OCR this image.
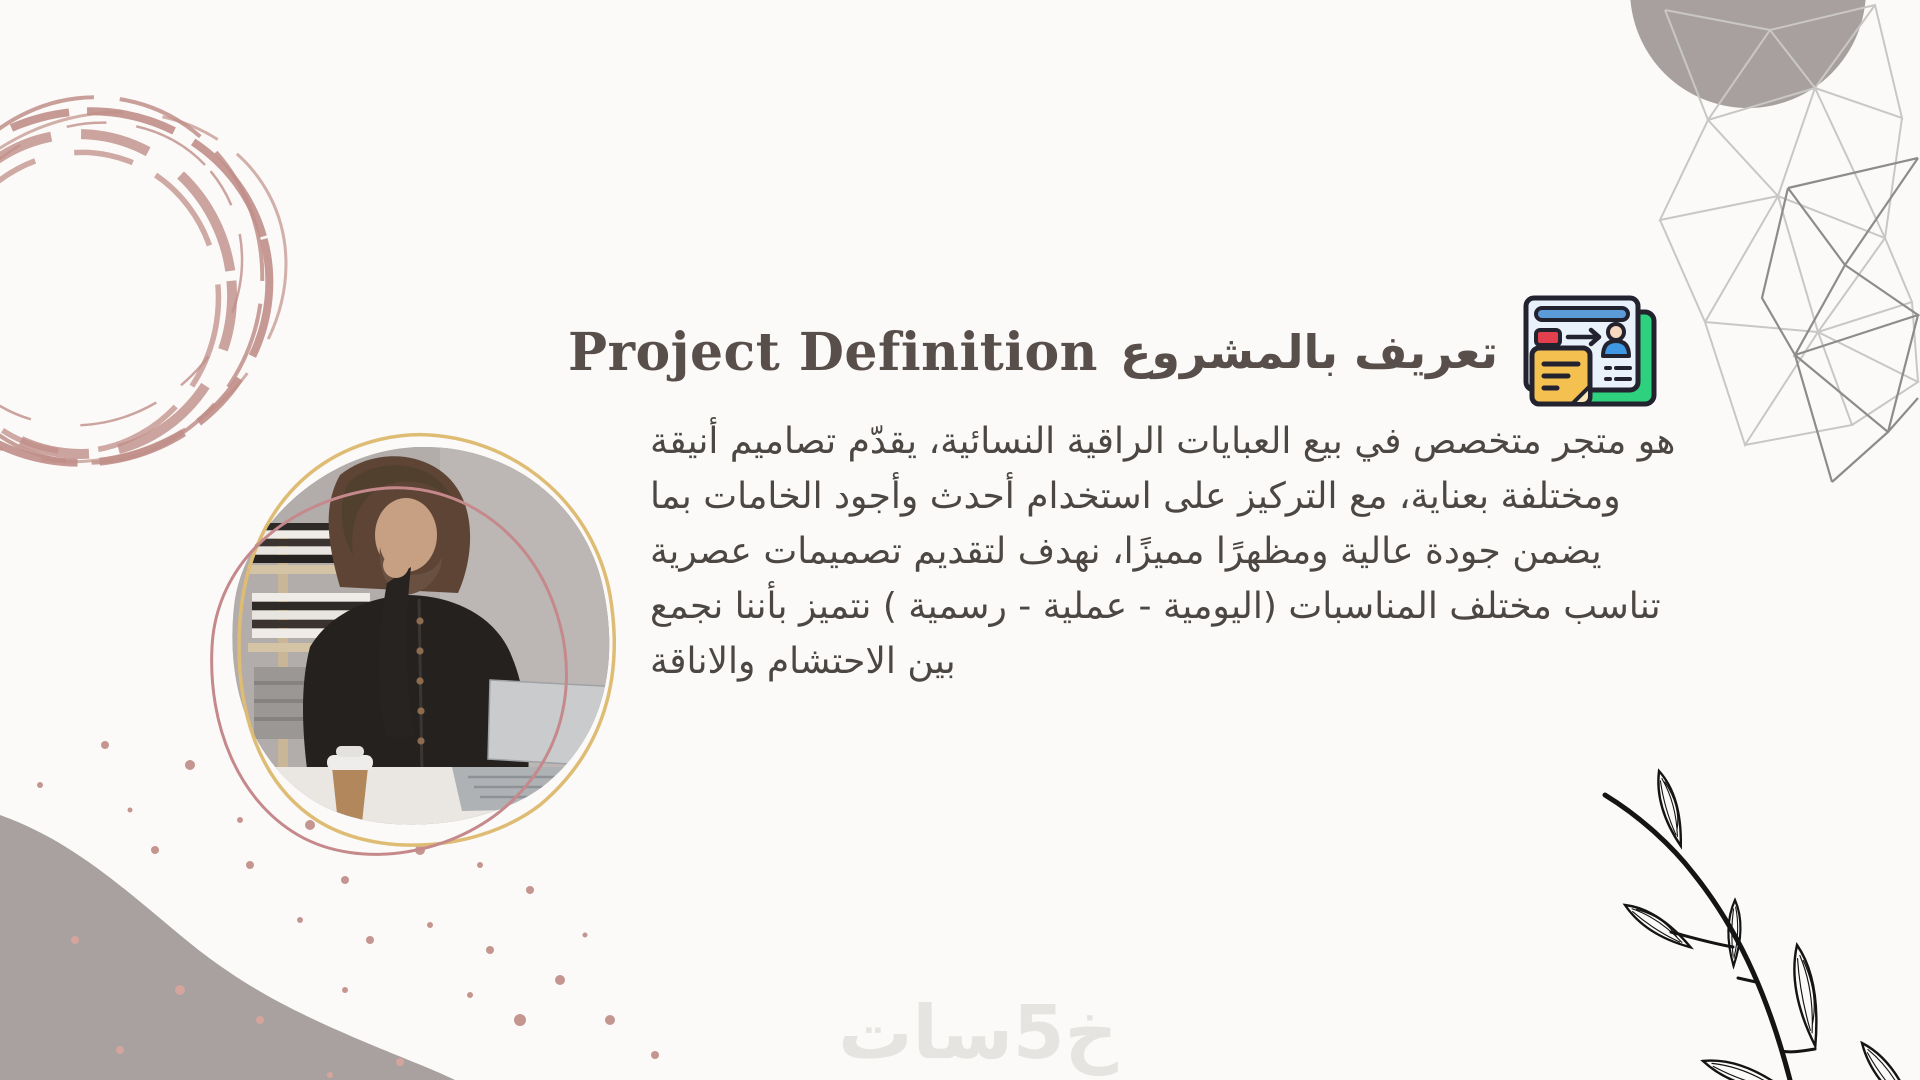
Project Definition تعريف بالمشروع
هو متجر متخصص في بيع العبايات الراقية النسائية، يقدّم تصاميم أنيقة
ومختلفة بعناية، مع التركيز على استخدام أحدث وأجود الخامات بما
يضمن جودة عالية ومظهرًا مميزًا، نهدف لتقديم تصميمات عصرية
تناسب مختلف المناسبات (اليومية - عملية - رسمية ) نتميز بأننا نجمع
بين الاحتشام والاناقة
خ5سات
